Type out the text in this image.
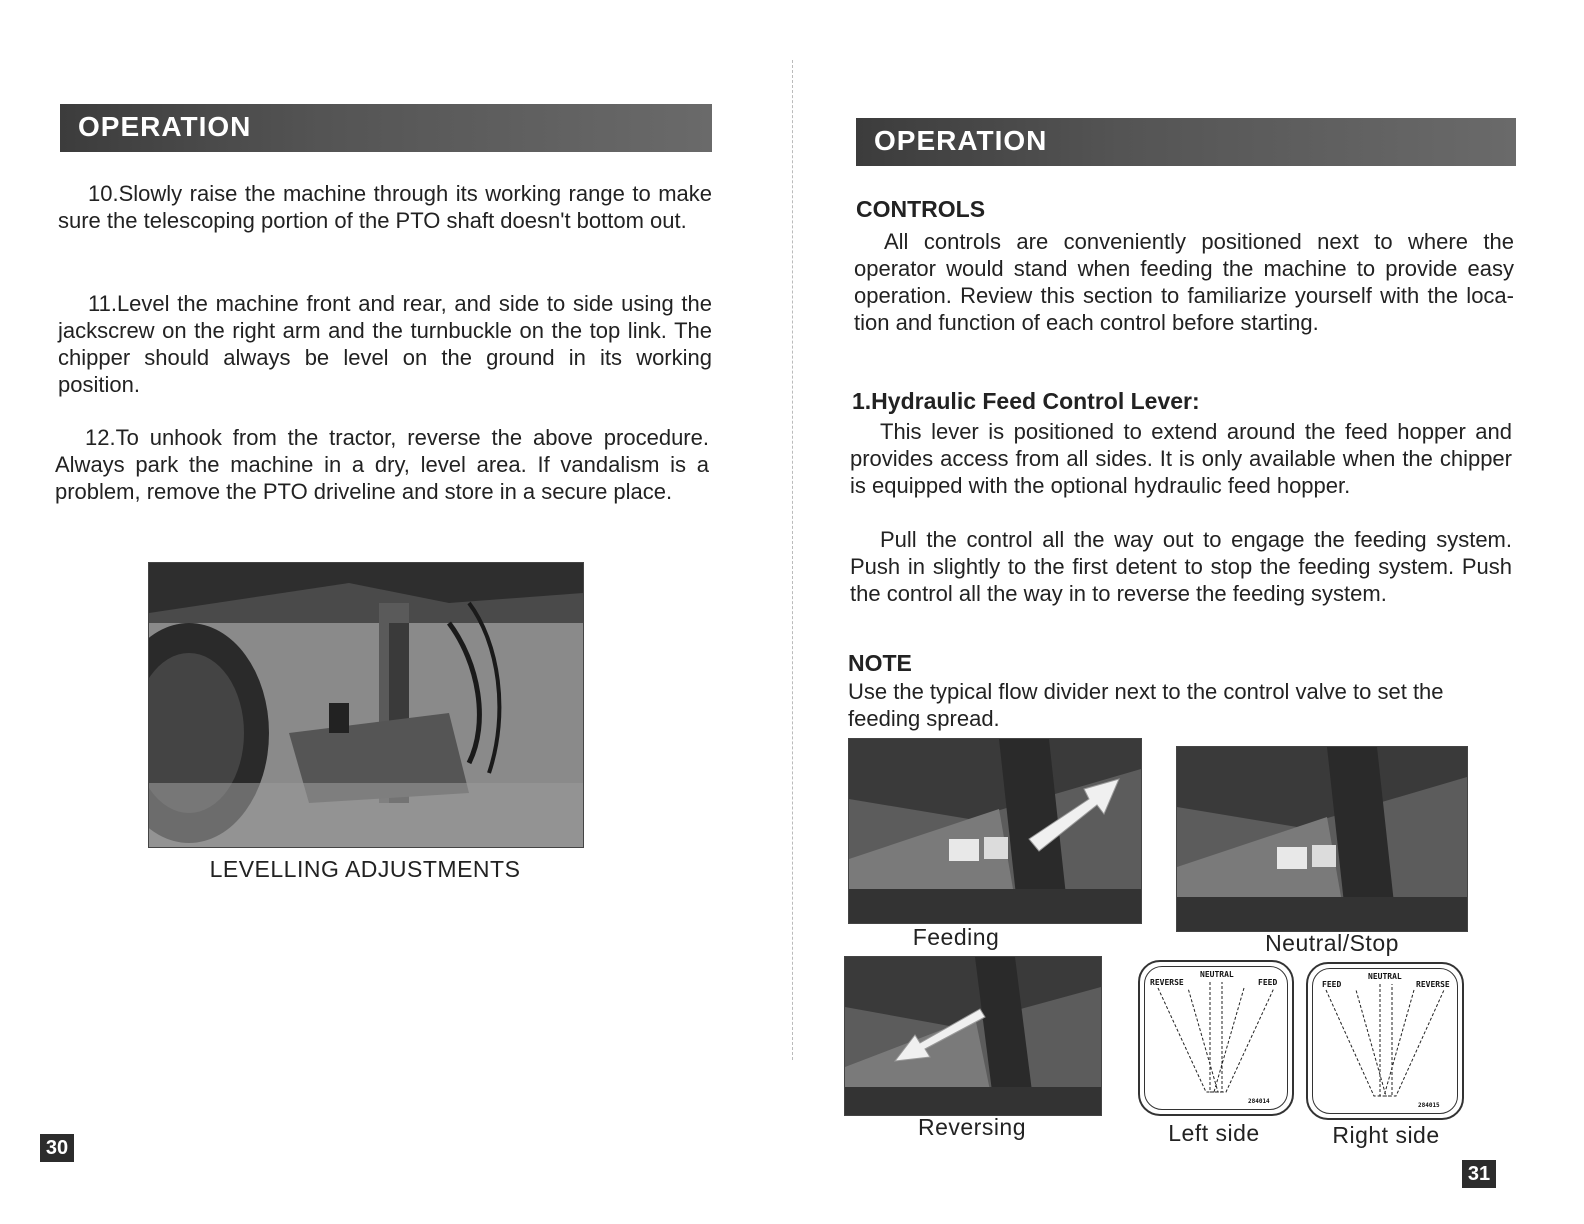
OPERATION

10.Slowly raise the machine through its working range to make sure the telescoping portion of the PTO shaft doesn't bottom out.

11.Level the machine front and rear, and side to side using the jackscrew on the right arm and the turnbuckle on the top link. The chipper should always be level on the ground in its working position.

12.To unhook from the tractor, reverse the above procedure. Always park the machine in a dry, level area. If vandalism is a problem, remove the PTO driveline and store in a secure place.

LEVELLING ADJUSTMENTS
30
OPERATION
CONTROLS

All controls are conveniently positioned next to where the operator would stand when feeding the machine to provide easy operation. Review this section to familiarize yourself with the loca- tion and function of each control before starting.

1.Hydraulic Feed Control Lever:

This lever is positioned to extend around the feed hopper and provides access from all sides. It is only available when the chipper is equipped with the optional hydraulic feed hopper.

Pull the control all the way out to engage the feeding system. Push in slightly to the first detent to stop the feeding system. Push the control all the way in to reverse the feeding system.

NOTE

Use the typical flow divider next to the control valve to set the feeding spread.

Feeding	Neutral/Stop
Reversing
REVERSE
NEUTRAL
FEED
284014
Left side
FEED
NEUTRAL
REVERSE
284015
Right side
31
